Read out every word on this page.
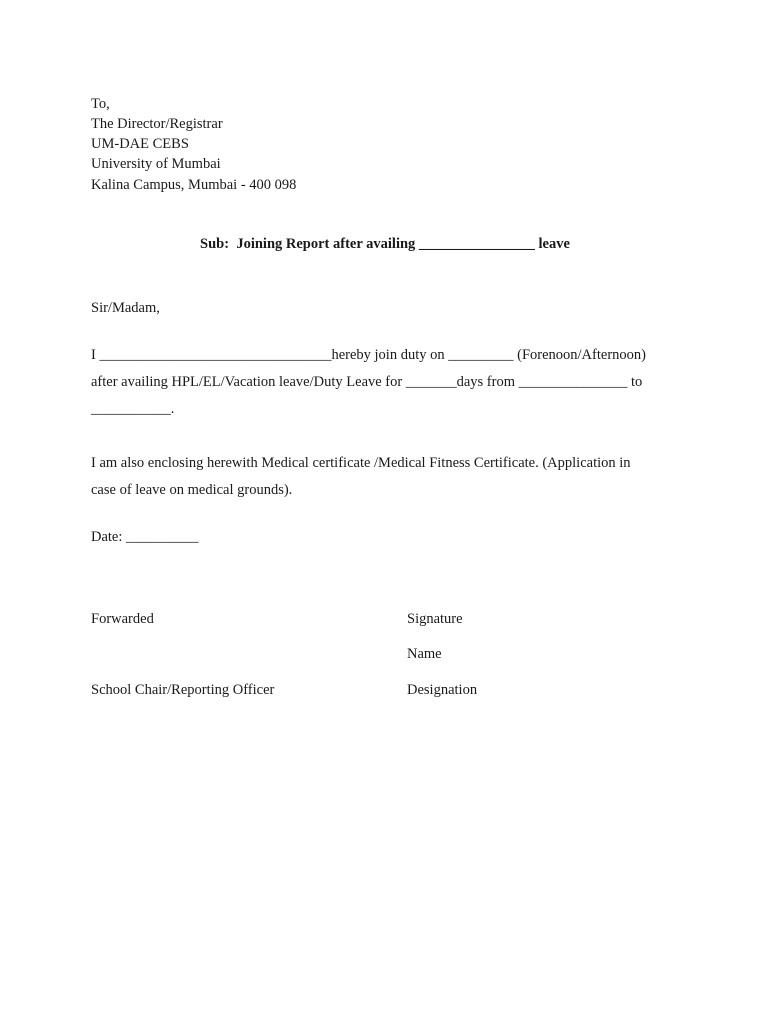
To,
The Director/Registrar
UM-DAE CEBS
University of Mumbai
Kalina Campus, Mumbai - 400 098
Sub:  Joining Report after availing ________________ leave
Sir/Madam,
I ________________________________hereby join duty on _________ (Forenoon/Afternoon)
after availing HPL/EL/Vacation leave/Duty Leave for _______days from _______________ to
___________.
I am also enclosing herewith Medical certificate /Medical Fitness Certificate. (Application in
case of leave on medical grounds).
Date: __________
Forwarded	Signature
Name
School Chair/Reporting Officer	Designation
